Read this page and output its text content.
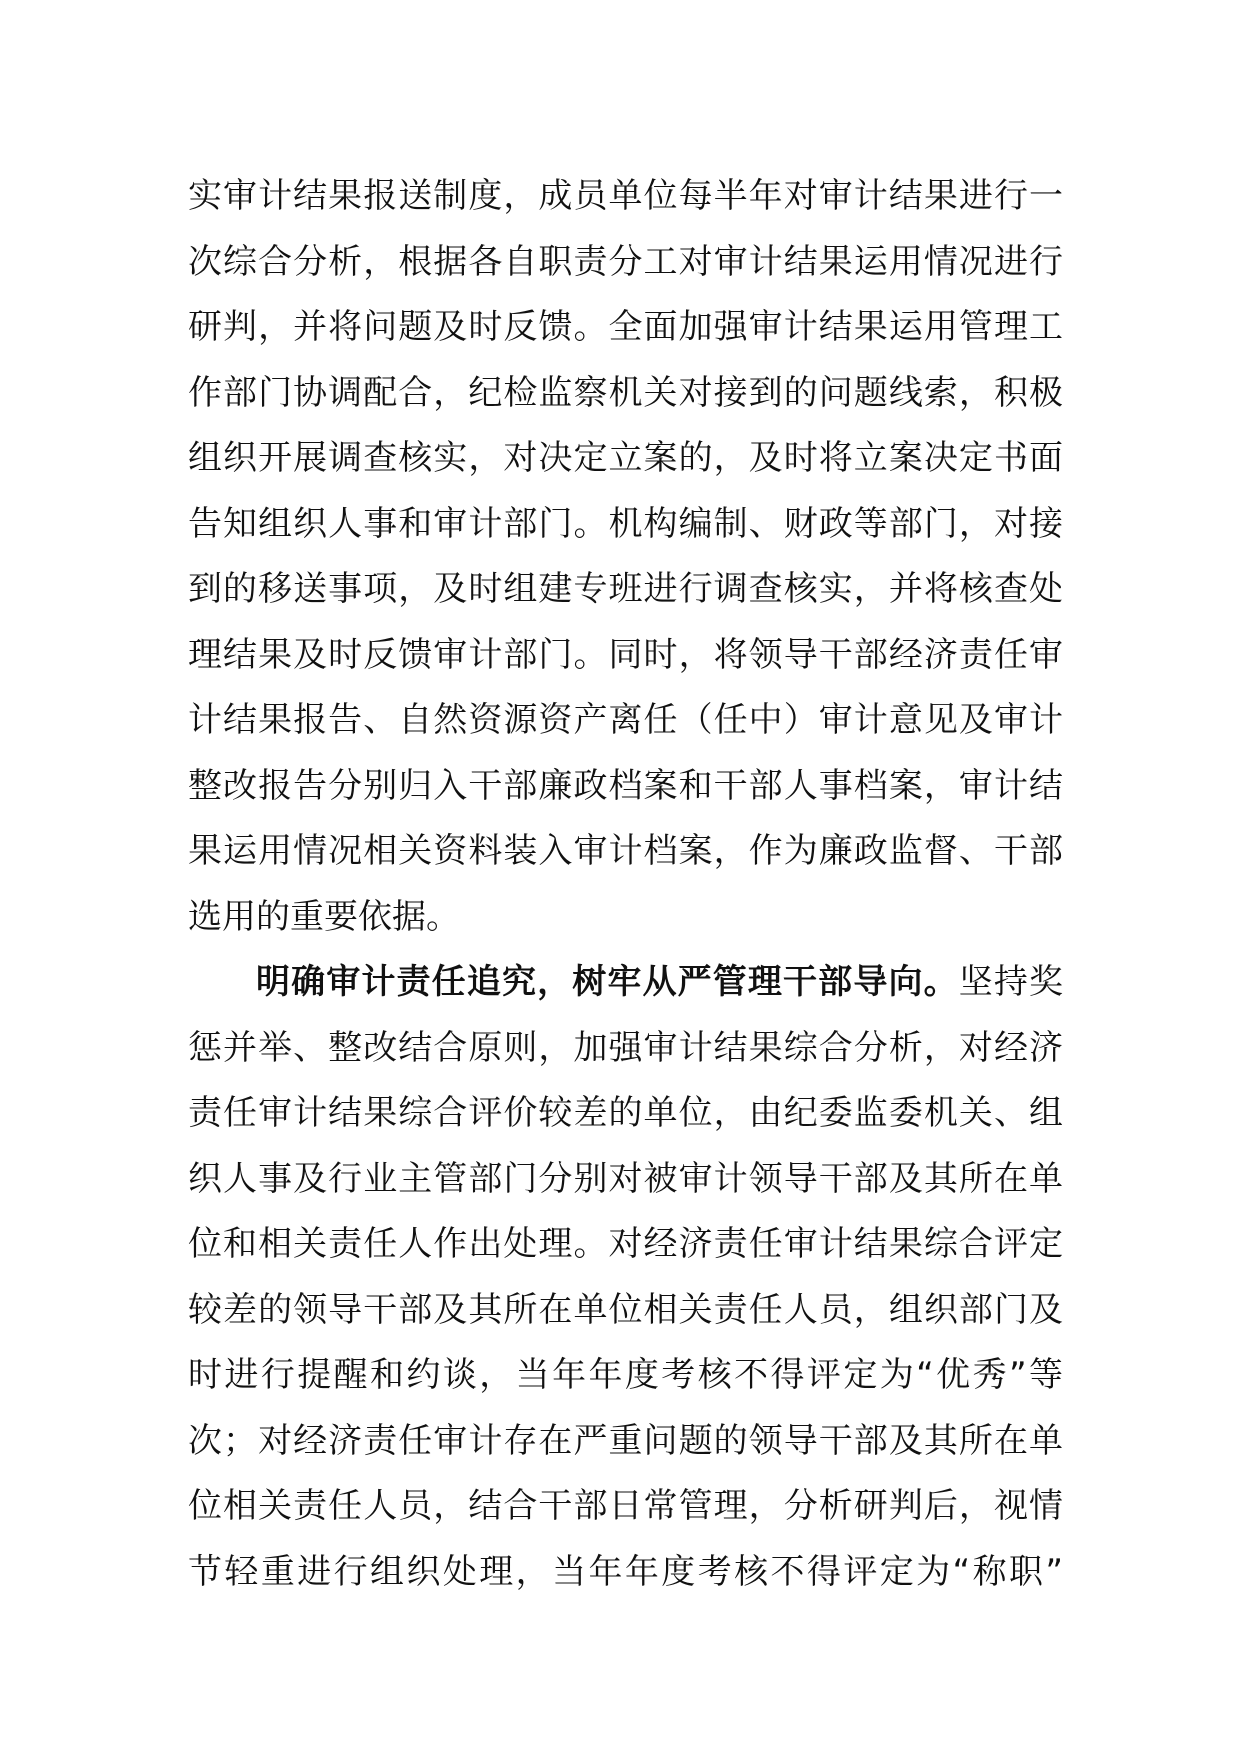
实审计结果报送制度，成员单位每半年对审计结果进行一
次综合分析，根据各自职责分工对审计结果运用情况进行
研判，并将问题及时反馈。全面加强审计结果运用管理工
作部门协调配合，纪检监察机关对接到的问题线索，积极
组织开展调查核实，对决定立案的，及时将立案决定书面
告知组织人事和审计部门。机构编制、财政等部门，对接
到的移送事项，及时组建专班进行调查核实，并将核查处
理结果及时反馈审计部门。同时，将领导干部经济责任审
计结果报告、自然资源资产离任（任中）审计意见及审计
整改报告分别归入干部廉政档案和干部人事档案，审计结
果运用情况相关资料装入审计档案，作为廉政监督、干部
选用的重要依据。
明确审计责任追究，树牢从严管理干部导向。坚持奖
惩并举、整改结合原则，加强审计结果综合分析，对经济
责任审计结果综合评价较差的单位，由纪委监委机关、组
织人事及行业主管部门分别对被审计领导干部及其所在单
位和相关责任人作出处理。对经济责任审计结果综合评定
较差的领导干部及其所在单位相关责任人员，组织部门及
时进行提醒和约谈，当年年度考核不得评定为“优秀”等
次；对经济责任审计存在严重问题的领导干部及其所在单
位相关责任人员，结合干部日常管理，分析研判后，视情
节轻重进行组织处理，当年年度考核不得评定为“称职”
